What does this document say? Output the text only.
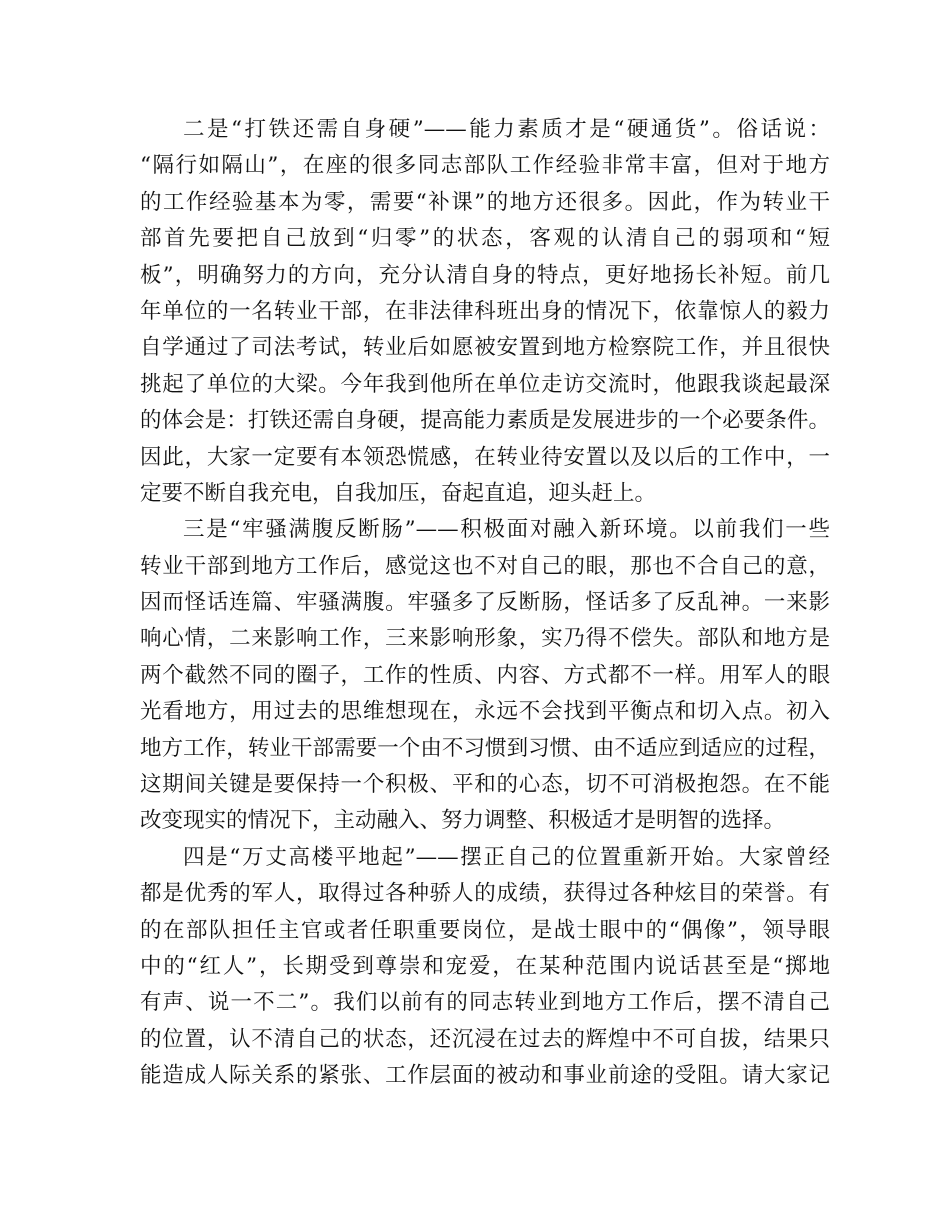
二是“打铁还需自身硬”——能力素质才是“硬通货”。俗话说：
“隔行如隔山”，在座的很多同志部队工作经验非常丰富，但对于地方
的工作经验基本为零，需要“补课”的地方还很多。因此，作为转业干
部首先要把自己放到“归零”的状态，客观的认清自己的弱项和“短
板”，明确努力的方向，充分认清自身的特点，更好地扬长补短。前几
年单位的一名转业干部，在非法律科班出身的情况下，依靠惊人的毅力
自学通过了司法考试，转业后如愿被安置到地方检察院工作，并且很快
挑起了单位的大梁。今年我到他所在单位走访交流时，他跟我谈起最深
的体会是：打铁还需自身硬，提高能力素质是发展进步的一个必要条件。
因此，大家一定要有本领恐慌感，在转业待安置以及以后的工作中，一
定要不断自我充电，自我加压，奋起直追，迎头赶上。
三是“牢骚满腹反断肠”——积极面对融入新环境。以前我们一些
转业干部到地方工作后，感觉这也不对自己的眼，那也不合自己的意，
因而怪话连篇、牢骚满腹。牢骚多了反断肠，怪话多了反乱神。一来影
响心情，二来影响工作，三来影响形象，实乃得不偿失。部队和地方是
两个截然不同的圈子，工作的性质、内容、方式都不一样。用军人的眼
光看地方，用过去的思维想现在，永远不会找到平衡点和切入点。初入
地方工作，转业干部需要一个由不习惯到习惯、由不适应到适应的过程，
这期间关键是要保持一个积极、平和的心态，切不可消极抱怨。在不能
改变现实的情况下，主动融入、努力调整、积极适才是明智的选择。
四是“万丈高楼平地起”——摆正自己的位置重新开始。大家曾经
都是优秀的军人，取得过各种骄人的成绩，获得过各种炫目的荣誉。有
的在部队担任主官或者任职重要岗位，是战士眼中的“偶像”，领导眼
中的“红人”，长期受到尊崇和宠爱，在某种范围内说话甚至是“掷地
有声、说一不二”。我们以前有的同志转业到地方工作后，摆不清自己
的位置，认不清自己的状态，还沉浸在过去的辉煌中不可自拔，结果只
能造成人际关系的紧张、工作层面的被动和事业前途的受阻。请大家记
